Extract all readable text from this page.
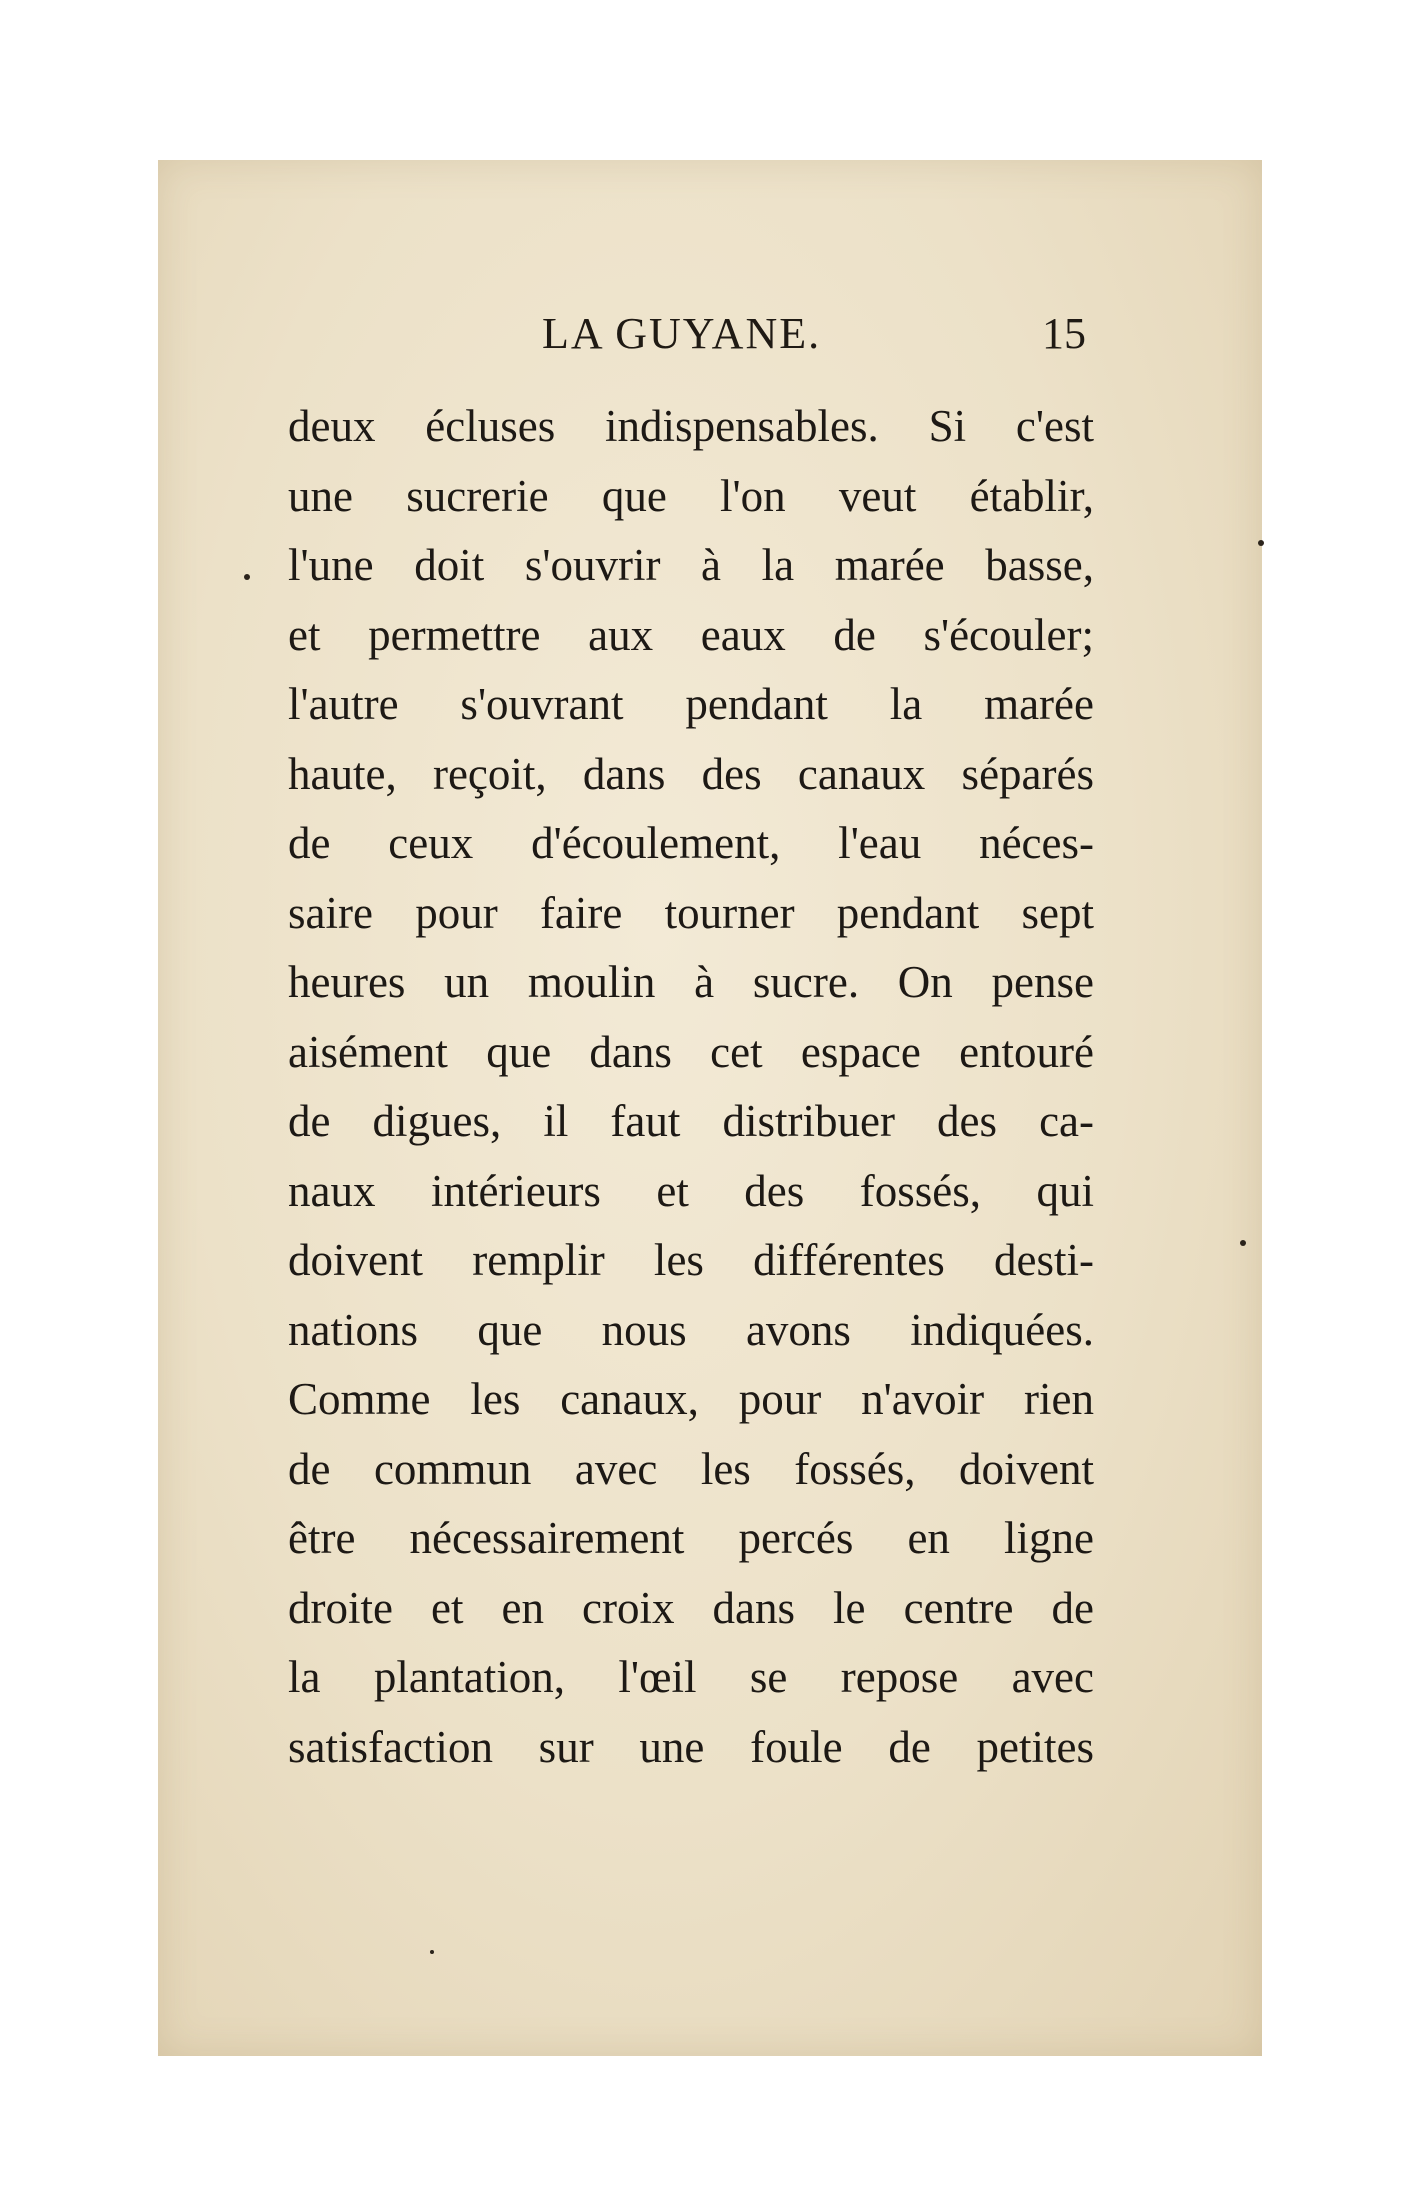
LA GUYANE.	15
deux écluses indispensables. Si c'est
une sucrerie que l'on veut établir,
l'une doit s'ouvrir à la marée basse,
et permettre aux eaux de s'écouler;
l'autre s'ouvrant pendant la marée
haute, reçoit, dans des canaux séparés
de ceux d'écoulement, l'eau néces-
saire pour faire tourner pendant sept
heures un moulin à sucre. On pense
aisément que dans cet espace entouré
de digues, il faut distribuer des ca-
naux intérieurs et des fossés, qui
doivent remplir les différentes desti-
nations que nous avons indiquées.
Comme les canaux, pour n'avoir rien
de commun avec les fossés, doivent
être nécessairement percés en ligne
droite et en croix dans le centre de
la plantation, l'œil se repose avec
satisfaction sur une foule de petites
